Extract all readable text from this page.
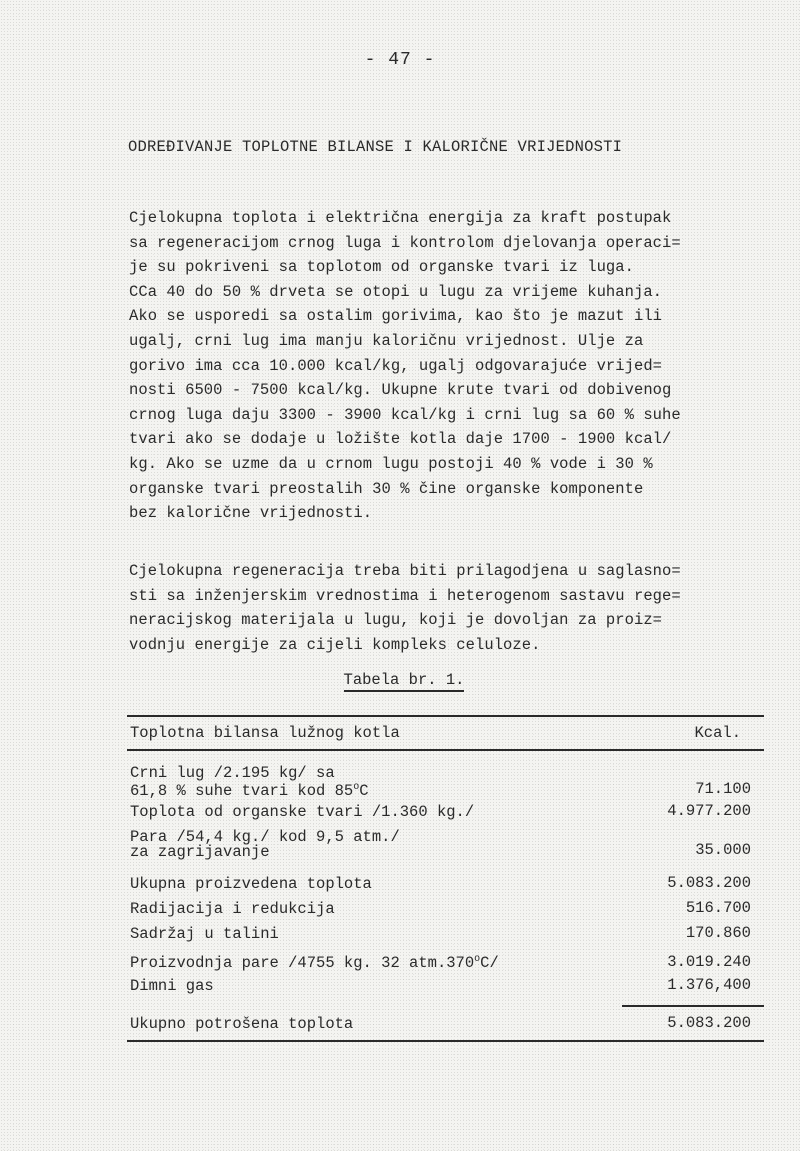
- 47 -
ODREĐIVANJE TOPLOTNE BILANSE I KALORIČNE VRIJEDNOSTI
Cjelokupna toplota i električna energija za kraft postupak
sa regeneracijom crnog luga i kontrolom djelovanja operaci=
je su pokriveni sa toplotom od organske tvari iz luga.
CCa 40 do 50 % drveta se otopi u lugu za vrijeme kuhanja.
Ako se usporedi sa ostalim gorivima, kao što je mazut ili
ugalj, crni lug ima manju kaloričnu vrijednost. Ulje za
gorivo ima cca 10.000 kcal/kg, ugalj odgovarajuće vrijed=
nosti 6500 - 7500 kcal/kg. Ukupne krute tvari od dobivenog
crnog luga daju 3300 - 3900 kcal/kg i crni lug sa 60 % suhe
tvari ako se dodaje u ložište kotla daje 1700 - 1900 kcal/
kg. Ako se uzme da u crnom lugu postoji 40 % vode i 30 %
organske tvari preostalih 30 % čine organske komponente
bez kalorične vrijednosti.
Cjelokupna regeneracija treba biti prilagodjena u saglasno=
sti sa inženjerskim vrednostima i heterogenom sastavu rege=
neracijskog materijala u lugu, koji je dovoljan za proiz=
vodnju energije za cijeli kompleks celuloze.
Tabela br. 1.
Toplotna bilansa lužnog kotla	Kcal.
Crni lug /2.195 kg/ sa
61,8 % suhe tvari kod 85$^o$C	71.100
Toplota od organske tvari /1.360 kg./	4.977.200
Para /54,4 kg./ kod 9,5 atm./
za zagrijavanje	35.000
Ukupna proizvedena toplota	5.083.200
Radijacija i redukcija	516.700
Sadržaj u talini	170.860
Proizvodnja pare /4755 kg. 32 atm.370$^o$C/	3.019.240
Dimni gas	1.376,400
Ukupno potrošena toplota	5.083.200
